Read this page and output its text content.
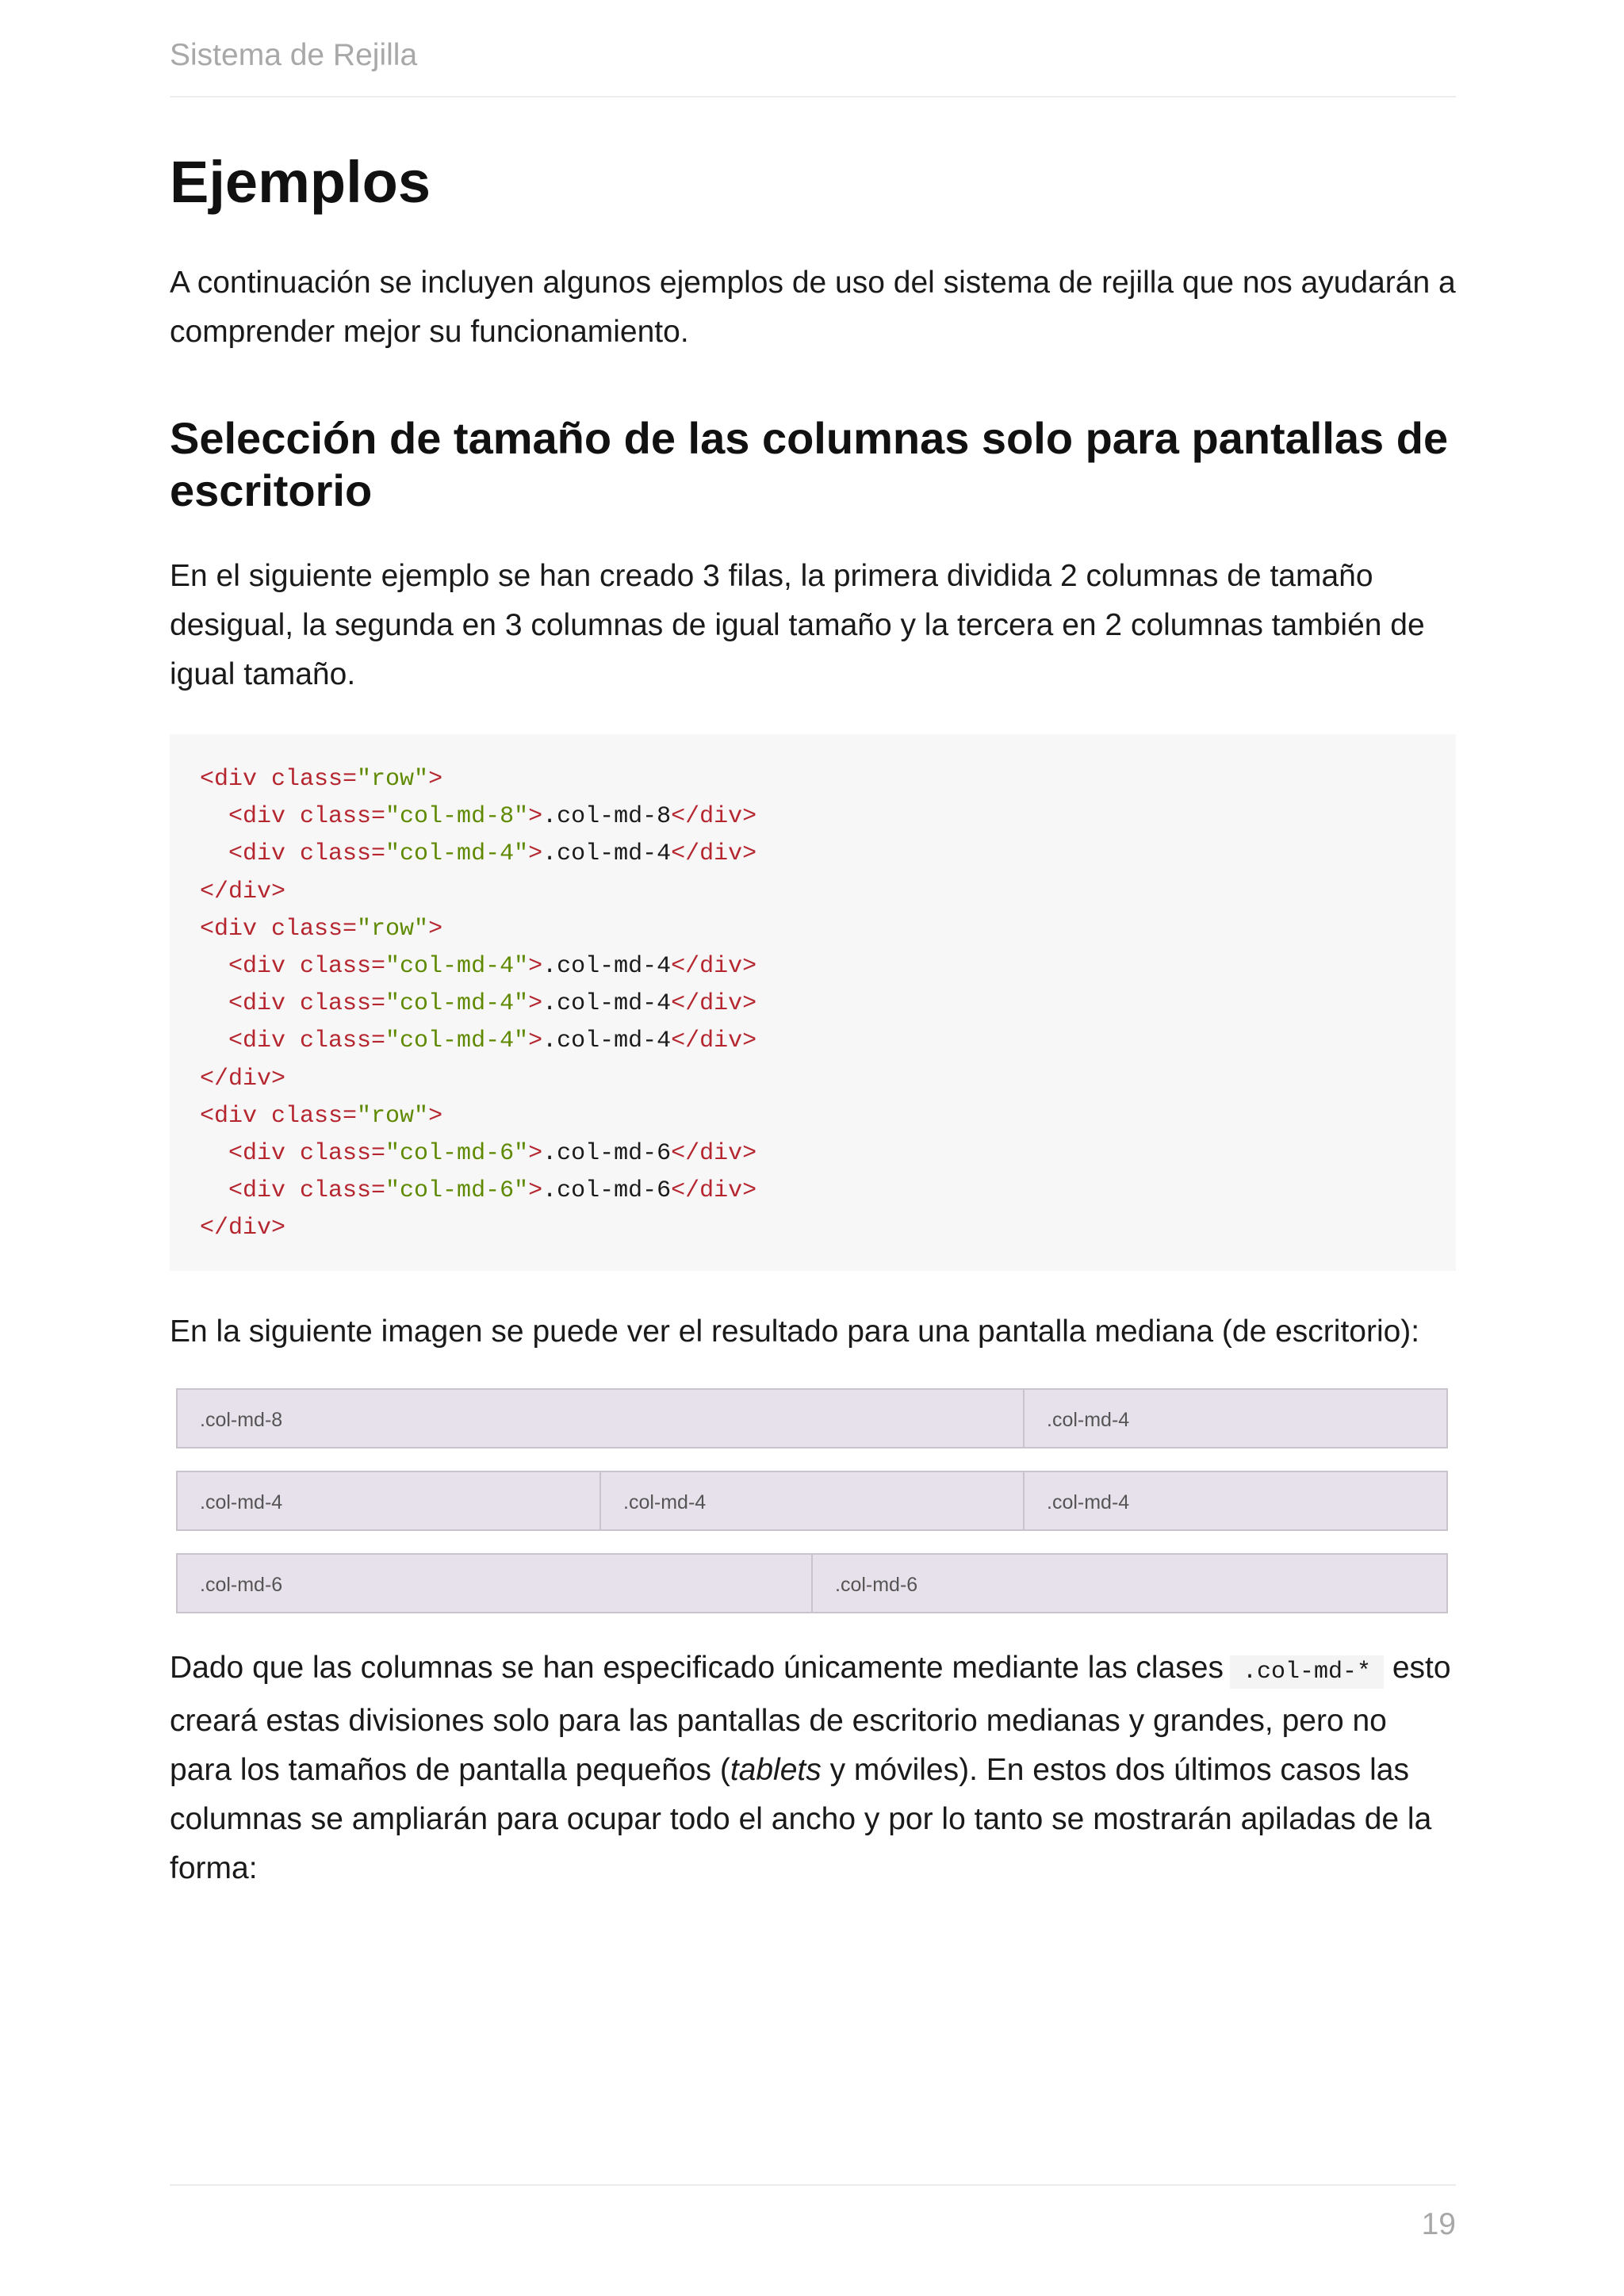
Sistema de Rejilla
Ejemplos

A continuación se incluyen algunos ejemplos de uso del sistema de rejilla que nos ayudarán a comprender mejor su funcionamiento.

Selección de tamaño de las columnas solo para pantallas de escritorio

En el siguiente ejemplo se han creado 3 filas, la primera dividida 2 columnas de tamaño desigual, la segunda en 3 columnas de igual tamaño y la tercera en 2 columnas también de igual tamaño.

<div class="row">
<div class="col-md-8">.col-md-8</div>
<div class="col-md-4">.col-md-4</div>
</div>
<div class="row">
<div class="col-md-4">.col-md-4</div>
<div class="col-md-4">.col-md-4</div>
<div class="col-md-4">.col-md-4</div>
</div>
<div class="row">
<div class="col-md-6">.col-md-6</div>
<div class="col-md-6">.col-md-6</div>
</div>

En la siguiente imagen se puede ver el resultado para una pantalla mediana (de escritorio):

.col-md-8	.col-md-4
.col-md-4	.col-md-4	.col-md-4
.col-md-6	.col-md-6

Dado que las columnas se han especificado únicamente mediante las clases .col-md-* esto creará estas divisiones solo para las pantallas de escritorio medianas y grandes, pero no para los tamaños de pantalla pequeños (tablets y móviles). En estos dos últimos casos las columnas se ampliarán para ocupar todo el ancho y por lo tanto se mostrarán apiladas de la forma:

19
